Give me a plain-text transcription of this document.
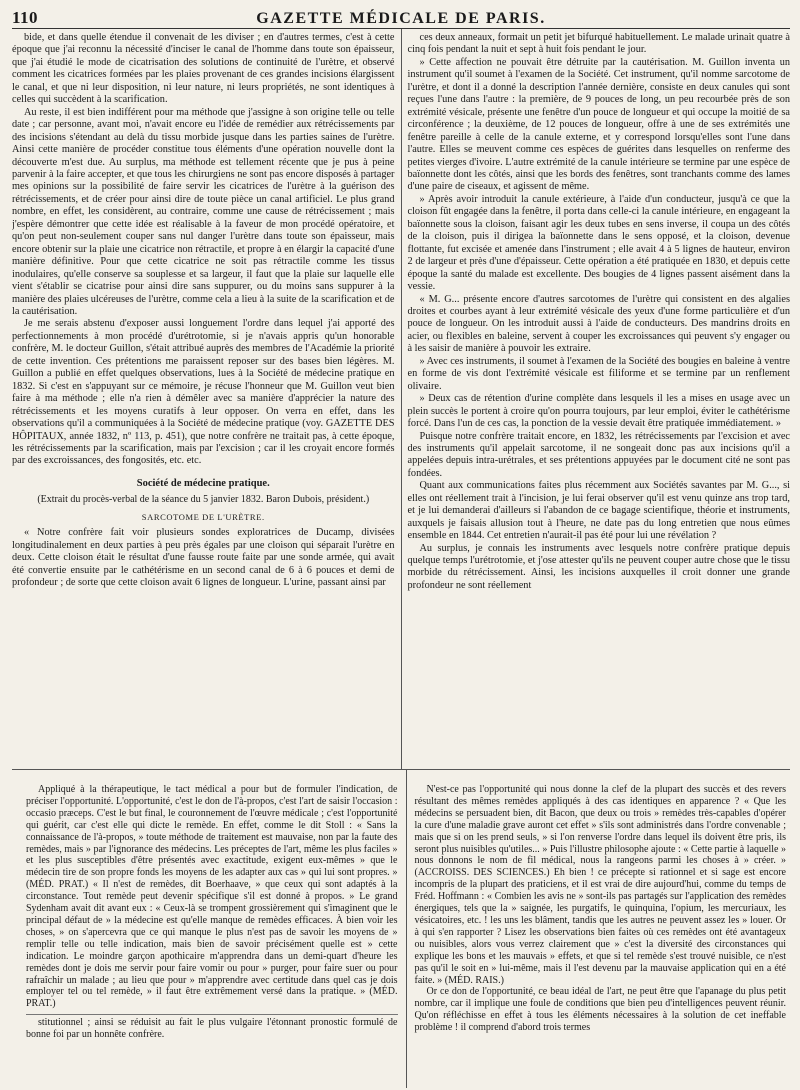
110	GAZETTE MÉDICALE DE PARIS.

bide, et dans quelle étendue il convenait de les diviser ; en d'autres termes, c'est à cette époque que j'ai reconnu la nécessité d'inciser le canal de l'homme dans toute son épaisseur, que j'ai étudié le mode de cicatrisation des solutions de continuité de l'urètre, et observé comment les cicatrices formées par les plaies provenant de ces grandes incisions élargissent le canal, et que ni leur disposition, ni leur nature, ni leurs propriétés, ne sont identiques à celles qui succèdent à la scarification.

Au reste, il est bien indifférent pour ma méthode que j'assigne à son origine telle ou telle date ; car personne, avant moi, n'avait encore eu l'idée de remédier aux rétrécissements par des incisions s'étendant au delà du tissu morbide jusque dans les parties saines de l'urètre. Ainsi cette manière de procéder constitue tous éléments d'une opération nouvelle dont la découverte m'est due. Au surplus, ma méthode est tellement récente que je pus à peine parvenir à la faire accepter, et que tous les chirurgiens ne sont pas encore disposés à partager mes opinions sur la possibilité de faire servir les cicatrices de l'urètre à la guérison des rétrécissements, et de créer pour ainsi dire de toute pièce un canal artificiel. Le plus grand nombre, en effet, les considèrent, au contraire, comme une cause de rétrécissement ; mais j'espère démontrer que cette idée est réalisable à la faveur de mon procédé opératoire, et qu'on peut non-seulement couper sans nul danger l'urètre dans toute son épaisseur, mais encore obtenir sur la plaie une cicatrice non rétractile, et propre à en élargir la capacité d'une manière définitive. Pour que cette cicatrice ne soit pas rétractile comme les tissus inodulaires, qu'elle conserve sa souplesse et sa largeur, il faut que la plaie sur laquelle elle vient s'établir se cicatrise pour ainsi dire sans suppurer, ou du moins sans suppurer à la manière des plaies ulcéreuses de l'urètre, comme cela a lieu à la suite de la scarification et de la cautérisation.

Je me serais abstenu d'exposer aussi longuement l'ordre dans lequel j'ai apporté des perfectionnements à mon procédé d'urétrotomie, si je n'avais appris qu'un honorable confrère, M. le docteur Guillon, s'était attribué auprès des membres de l'Académie la priorité de cette invention. Ces prétentions me paraissent reposer sur des bases bien légères. M. Guillon a publié en effet quelques observations, lues à la Société de médecine pratique en 1832. Si c'est en s'appuyant sur ce mémoire, je récuse l'honneur que M. Guillon veut bien faire à ma méthode ; elle n'a rien à démêler avec sa manière d'apprécier la nature des rétrécissements et les moyens curatifs à leur opposer. On verra en effet, dans les observations qu'il a communiquées à la Société de médecine pratique (voy. GAZETTE DES HÔPITAUX, année 1832, nº 113, p. 451), que notre confrère ne traitait pas, à cette époque, les rétrécissements par la scarification, mais par l'excision ; car il les croyait encore formés par des excroissances, des fongosités, etc. etc.

Société de médecine pratique.
(Extrait du procès-verbal de la séance du 5 janvier 1832. Baron Dubois, président.)
SARCOTOME DE L'URÈTRE.

« Notre confrère fait voir plusieurs sondes exploratrices de Ducamp, divisées longitudinalement en deux parties à peu près égales par une cloison qui séparait l'urètre en deux. Cette cloison était le résultat d'une fausse route faite par une sonde armée, qui avait été convertie ensuite par le cathétérisme en un second canal de 6 à 6 pouces et demi de profondeur ; de sorte que cette cloison avait 6 lignes de longueur. L'urine, passant ainsi par

ces deux anneaux, formait un petit jet bifurqué habituellement. Le malade urinait quatre à cinq fois pendant la nuit et sept à huit fois pendant le jour.

» Cette affection ne pouvait être détruite par la cautérisation. M. Guillon inventa un instrument qu'il soumet à l'examen de la Société. Cet instrument, qu'il nomme sarcotome de l'urètre, et dont il a donné la description l'année dernière, consiste en deux canules qui sont reçues l'une dans l'autre : la première, de 9 pouces de long, un peu recourbée près de son extrémité vésicale, présente une fenêtre d'un pouce de longueur et qui occupe la moitié de sa circonférence ; la deuxième, de 12 pouces de longueur, offre à une de ses extrémités une fenêtre pareille à celle de la canule externe, et y correspond lorsqu'elles sont l'une dans l'autre. Elles se meuvent comme ces espèces de guérites dans lesquelles on renferme des petites vierges d'ivoire. L'autre extrémité de la canule intérieure se termine par une espèce de baïonnette dont les côtés, ainsi que les bords des fenêtres, sont tranchants comme des lames d'une paire de ciseaux, et agissent de même.

» Après avoir introduit la canule extérieure, à l'aide d'un conducteur, jusqu'à ce que la cloison fût engagée dans la fenêtre, il porta dans celle-ci la canule intérieure, en engageant la baïonnette sous la cloison, faisant agir les deux tubes en sens inverse, il coupa un des côtés de la cloison, puis il dirigea la baïonnette dans le sens opposé, et la cloison, devenue flottante, fut excisée et amenée dans l'instrument ; elle avait 4 à 5 lignes de hauteur, environ 2 de largeur et près d'une d'épaisseur. Cette opération a été pratiquée en 1830, et depuis cette époque la santé du malade est excellente. Des bougies de 4 lignes passent aisément dans la vessie.

« M. G... présente encore d'autres sarcotomes de l'urètre qui consistent en des algalies droites et courbes ayant à leur extrémité vésicale des yeux d'une forme particulière et d'un pouce de longueur. On les introduit aussi à l'aide de conducteurs. Des mandrins droits en acier, ou flexibles en baleine, servent à couper les excroissances qui peuvent s'y engager ou à les saisir de manière à pouvoir les extraire.

» Avec ces instruments, il soumet à l'examen de la Société des bougies en baleine à ventre en forme de vis dont l'extrémité vésicale est filiforme et se termine par un renflement olivaire.

» Deux cas de rétention d'urine complète dans lesquels il les a mises en usage avec un plein succès le portent à croire qu'on pourra toujours, par leur emploi, éviter le cathétérisme forcé. Dans l'un de ces cas, la ponction de la vessie devait être pratiquée immédiatement. »

Puisque notre confrère traitait encore, en 1832, les rétrécissements par l'excision et avec des instruments qu'il appelait sarcotome, il ne songeait donc pas aux incisions qu'il a appelées depuis intra-urétrales, et ses prétentions appuyées par le document cité ne sont pas fondées.

Quant aux communications faites plus récemment aux Sociétés savantes par M. G..., si elles ont réellement trait à l'incision, je lui ferai observer qu'il est venu quinze ans trop tard, et je lui demanderai d'ailleurs si l'abandon de ce bagage scientifique, théorie et instruments, auxquels je faisais allusion tout à l'heure, ne date pas du long entretien que nous eûmes ensemble en 1844. Cet entretien n'aurait-il pas été pour lui une révélation ?

Au surplus, je connais les instruments avec lesquels notre confrère pratique depuis quelque temps l'urétrotomie, et j'ose attester qu'ils ne peuvent couper autre chose que le tissu morbide du rétrécissement. Ainsi, les incisions auxquelles il croit donner une grande profondeur ne sont réellement

Appliqué à la thérapeutique, le tact médical a pour but de formuler l'indication, de préciser l'opportunité. L'opportunité, c'est le don de l'à-propos, c'est l'art de saisir l'occasion : occasio præceps. C'est le but final, le couronnement de l'œuvre médicale ; c'est l'opportunité qui guérit, car c'est elle qui dicte le remède. En effet, comme le dit Stoll : « Sans la connaissance de l'à-propos, » toute méthode de traitement est mauvaise, non par la faute des remèdes, mais » par l'ignorance des médecins. Les préceptes de l'art, même les plus faciles » et les plus susceptibles d'être présentés avec exactitude, exigent eux-mêmes » que le médecin tire de son propre fonds les moyens de les adapter aux cas » qui lui sont propres. » (MÉD. PRAT.) « Il n'est de remèdes, dit Boerhaave, » que ceux qui sont adaptés à la circonstance. Tout remède peut devenir spécifique s'il est donné à propos. » Le grand Sydenham avait dit avant eux : « Ceux-là se trompent grossièrement qui s'imaginent que le principal défaut de » la médecine est qu'elle manque de remèdes efficaces. À bien voir les choses, » on s'apercevra que ce qui manque le plus n'est pas de savoir les moyens de » remplir telle ou telle indication, mais bien de savoir précisément quelle est » cette indication. Le moindre garçon apothicaire m'apprendra dans un demi-quart d'heure les remèdes dont je dois me servir pour faire vomir ou pour » purger, pour faire suer ou pour rafraîchir un malade ; au lieu que pour » m'apprendre avec certitude dans quel cas je dois employer tel ou tel remède, » il faut être extrêmement versé dans la pratique. » (MÉD. PRAT.)

stitutionnel ; ainsi se réduisit au fait le plus vulgaire l'étonnant pronostic formulé de bonne foi par un honnête confrère.

N'est-ce pas l'opportunité qui nous donne la clef de la plupart des succès et des revers résultant des mêmes remèdes appliqués à des cas identiques en apparence ? « Que les médecins se persuadent bien, dit Bacon, que deux ou trois » remèdes très-capables d'opérer la cure d'une maladie grave auront cet effet » s'ils sont administrés dans l'ordre convenable ; mais que si on les prend seuls, » si l'on renverse l'ordre dans lequel ils doivent être pris, ils seront plus nuisibles qu'utiles... » Puis l'illustre philosophe ajoute : « Cette partie à laquelle » nous donnons le nom de fil médical, nous la rangeons parmi les choses à » créer. » (ACCROISS. DES SCIENCES.) Eh bien ! ce précepte si rationnel et si sage est encore incompris de la plupart des praticiens, et il est vrai de dire aujourd'hui, comme du temps de Fréd. Hoffmann : « Combien les avis ne » sont-ils pas partagés sur l'application des remèdes énergiques, tels que la » saignée, les purgatifs, le quinquina, l'opium, les mercuriaux, les vésicatoires, etc. ! les uns les blâment, tandis que les autres ne peuvent assez les » louer. Or à qui s'en rapporter ? Lisez les observations bien faites où ces remèdes ont été avantageux ou nuisibles, alors vous verrez clairement que » c'est la diversité des circonstances qui explique les bons et les mauvais » effets, et que si tel remède s'est trouvé nuisible, ce n'est pas qu'il le soit en » lui-même, mais il l'est devenu par la mauvaise application qui en a été faite. » (MÉD. RAIS.)

Or ce don de l'opportunité, ce beau idéal de l'art, ne peut être que l'apanage du plus petit nombre, car il implique une foule de conditions que bien peu d'intelligences peuvent réunir. Qu'on réfléchisse en effet à tous les éléments nécessaires à la solution de cet ineffable problème ! il comprend d'abord trois termes
